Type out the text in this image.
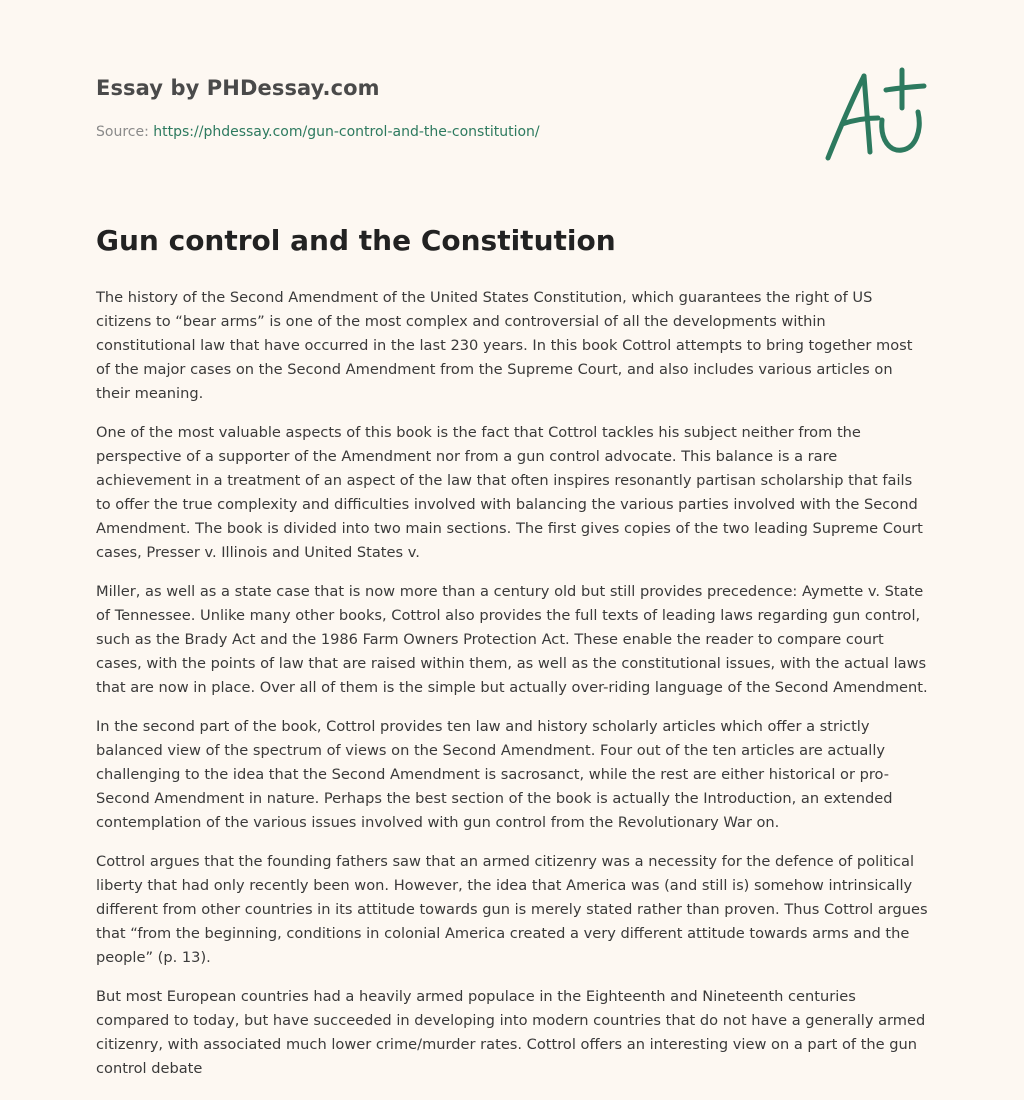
Essay by PHDessay.com
Source: https://phdessay.com/gun-control-and-the-constitution/
Gun control and the Constitution

The history of the Second Amendment of the United States Constitution, which guarantees the right of US citizens to “bear arms” is one of the most complex and controversial of all the developments within constitutional law that have occurred in the last 230 years. In this book Cottrol attempts to bring together most of the major cases on the Second Amendment from the Supreme Court, and also includes various articles on their meaning.

One of the most valuable aspects of this book is the fact that Cottrol tackles his subject neither from the perspective of a supporter of the Amendment nor from a gun control advocate. This balance is a rare achievement in a treatment of an aspect of the law that often inspires resonantly partisan scholarship that fails to offer the true complexity and difficulties involved with balancing the various parties involved with the Second Amendment. The book is divided into two main sections. The first gives copies of the two leading Supreme Court cases, Presser v. Illinois and United States v.

Miller, as well as a state case that is now more than a century old but still provides precedence: Aymette v. State of Tennessee. Unlike many other books, Cottrol also provides the full texts of leading laws regarding gun control, such as the Brady Act and the 1986 Farm Owners Protection Act. These enable the reader to compare court cases, with the points of law that are raised within them, as well as the constitutional issues, with the actual laws that are now in place. Over all of them is the simple but actually over-riding language of the Second Amendment.

In the second part of the book, Cottrol provides ten law and history scholarly articles which offer a strictly balanced view of the spectrum of views on the Second Amendment. Four out of the ten articles are actually challenging to the idea that the Second Amendment is sacrosanct, while the rest are either historical or pro-Second Amendment in nature. Perhaps the best section of the book is actually the Introduction, an extended contemplation of the various issues involved with gun control from the Revolutionary War on.

Cottrol argues that the founding fathers saw that an armed citizenry was a necessity for the defence of political liberty that had only recently been won. However, the idea that America was (and still is) somehow intrinsically different from other countries in its attitude towards gun is merely stated rather than proven. Thus Cottrol argues that “from the beginning, conditions in colonial America created a very different attitude towards arms and the people” (p. 13).

But most European countries had a heavily armed populace in the Eighteenth and Nineteenth centuries compared to today, but have succeeded in developing into modern countries that do not have a generally armed citizenry, with associated much lower crime/murder rates. Cottrol offers an interesting view on a part of the gun control debate
